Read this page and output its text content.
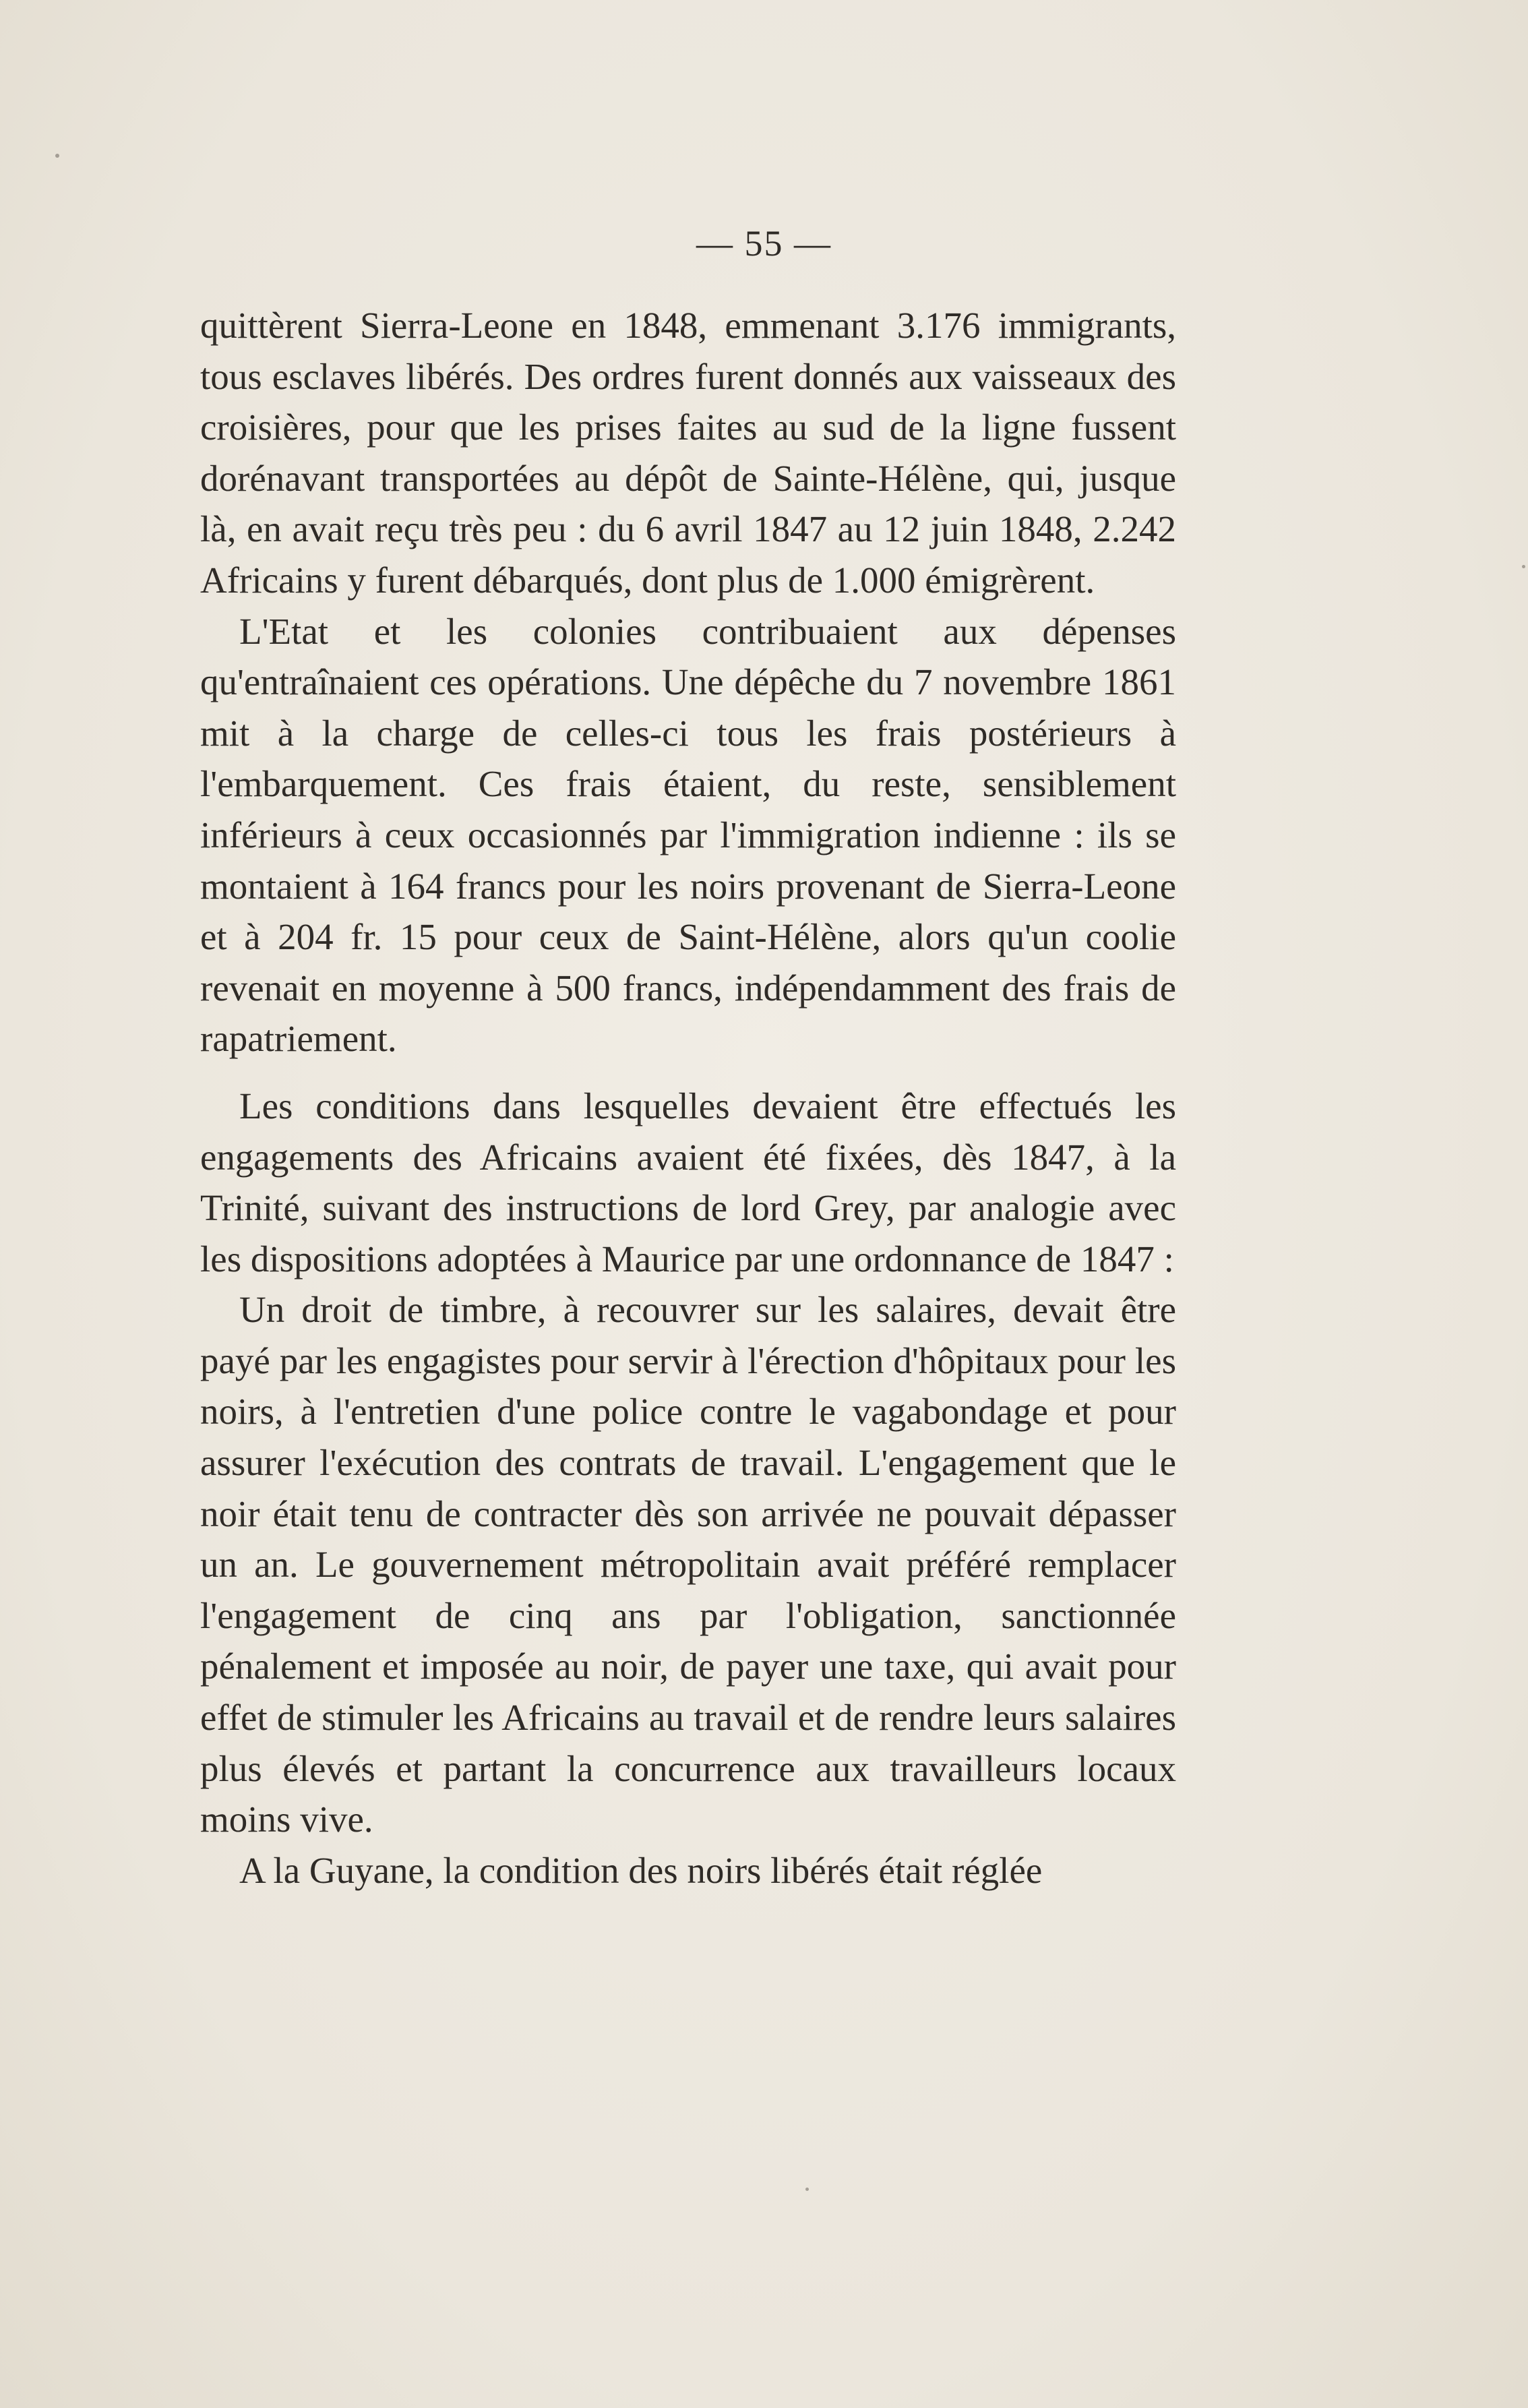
— 55 —

quittèrent Sierra-Leone en 1848, emmenant 3.176 immigrants, tous esclaves libérés. Des ordres furent donnés aux vaisseaux des croisières, pour que les prises faites au sud de la ligne fussent dorénavant transportées au dépôt de Sainte-Hélène, qui, jusque là, en avait reçu très peu : du 6 avril 1847 au 12 juin 1848, 2.242 Africains y furent débarqués, dont plus de 1.000 émigrèrent.

L'Etat et les colonies contribuaient aux dépenses qu'entraînaient ces opérations. Une dépêche du 7 novembre 1861 mit à la charge de celles-ci tous les frais postérieurs à l'embarquement. Ces frais étaient, du reste, sensiblement inférieurs à ceux occasionnés par l'immigration indienne : ils se montaient à 164 francs pour les noirs provenant de Sierra-Leone et à 204 fr. 15 pour ceux de Saint-Hélène, alors qu'un coolie revenait en moyenne à 500 francs, indépendamment des frais de rapatriement.

Les conditions dans lesquelles devaient être effectués les engagements des Africains avaient été fixées, dès 1847, à la Trinité, suivant des instructions de lord Grey, par analogie avec les dispositions adoptées à Maurice par une ordonnance de 1847 :

Un droit de timbre, à recouvrer sur les salaires, devait être payé par les engagistes pour servir à l'érection d'hôpitaux pour les noirs, à l'entretien d'une police contre le vagabondage et pour assurer l'exécution des contrats de travail. L'engagement que le noir était tenu de contracter dès son arrivée ne pouvait dépasser un an. Le gouvernement métropolitain avait préféré remplacer l'engagement de cinq ans par l'obligation, sanctionnée pénalement et imposée au noir, de payer une taxe, qui avait pour effet de stimuler les Africains au travail et de rendre leurs salaires plus élevés et partant la concurrence aux travailleurs locaux moins vive.

A la Guyane, la condition des noirs libérés était réglée
